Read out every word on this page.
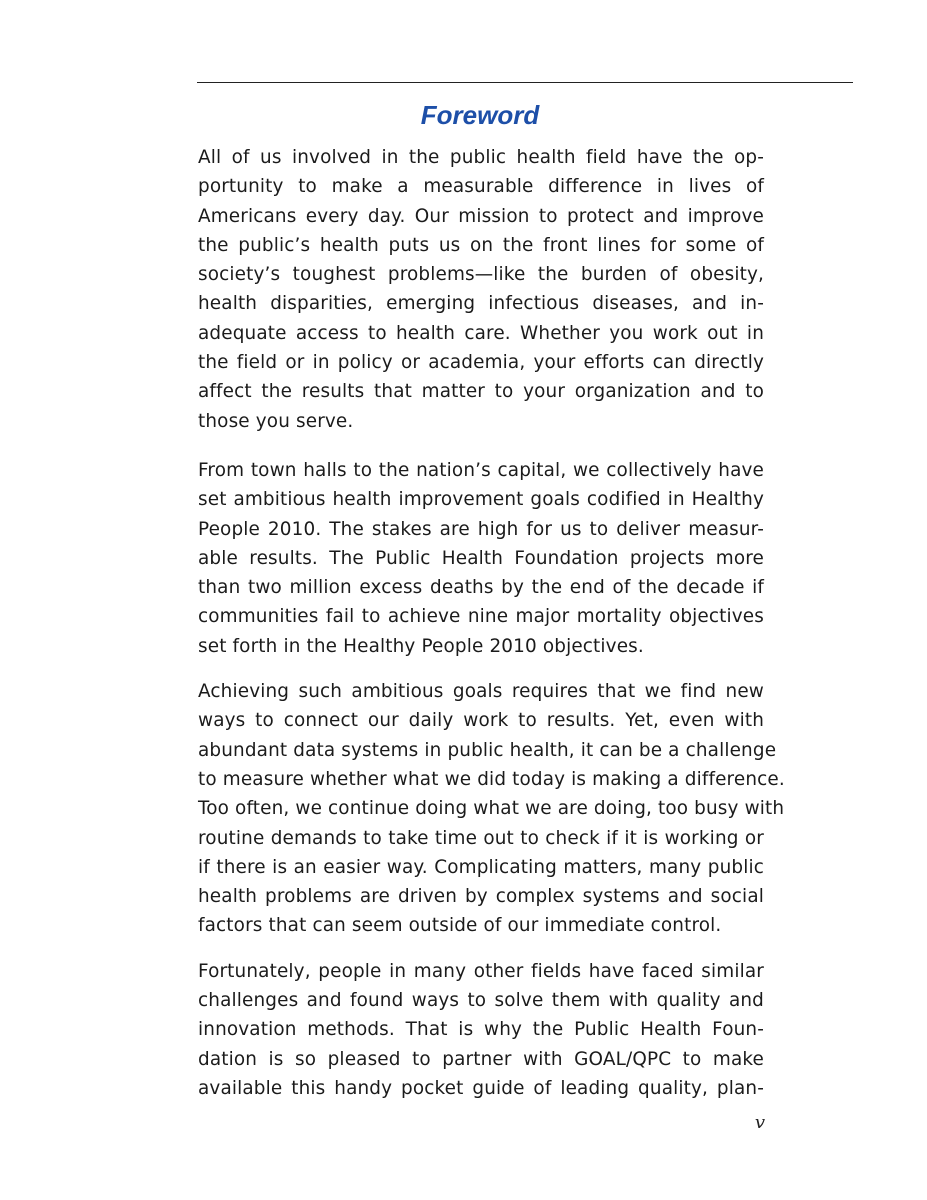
Foreword
All of us involved in the public health field have the op-
portunity to make a measurable difference in lives of
Americans every day. Our mission to protect and improve
the public’s health puts us on the front lines for some of
society’s toughest problems—like the burden of obesity,
health disparities, emerging infectious diseases, and in-
adequate access to health care. Whether you work out in
the field or in policy or academia, your efforts can directly
affect the results that matter to your organization and to
those you serve.
From town halls to the nation’s capital, we collectively have
set ambitious health improvement goals codified in Healthy
People 2010. The stakes are high for us to deliver measur-
able results. The Public Health Foundation projects more
than two million excess deaths by the end of the decade if
communities fail to achieve nine major mortality objectives
set forth in the Healthy People 2010 objectives.
Achieving such ambitious goals requires that we find new
ways to connect our daily work to results. Yet, even with
abundant data systems in public health, it can be a challenge
to measure whether what we did today is making a difference.
Too often, we continue doing what we are doing, too busy with
routine demands to take time out to check if it is working or
if there is an easier way. Complicating matters, many public
health problems are driven by complex systems and social
factors that can seem outside of our immediate control.
Fortunately, people in many other fields have faced similar
challenges and found ways to solve them with quality and
innovation methods. That is why the Public Health Foun-
dation is so pleased to partner with GOAL/QPC to make
available this handy pocket guide of leading quality, plan-
v
